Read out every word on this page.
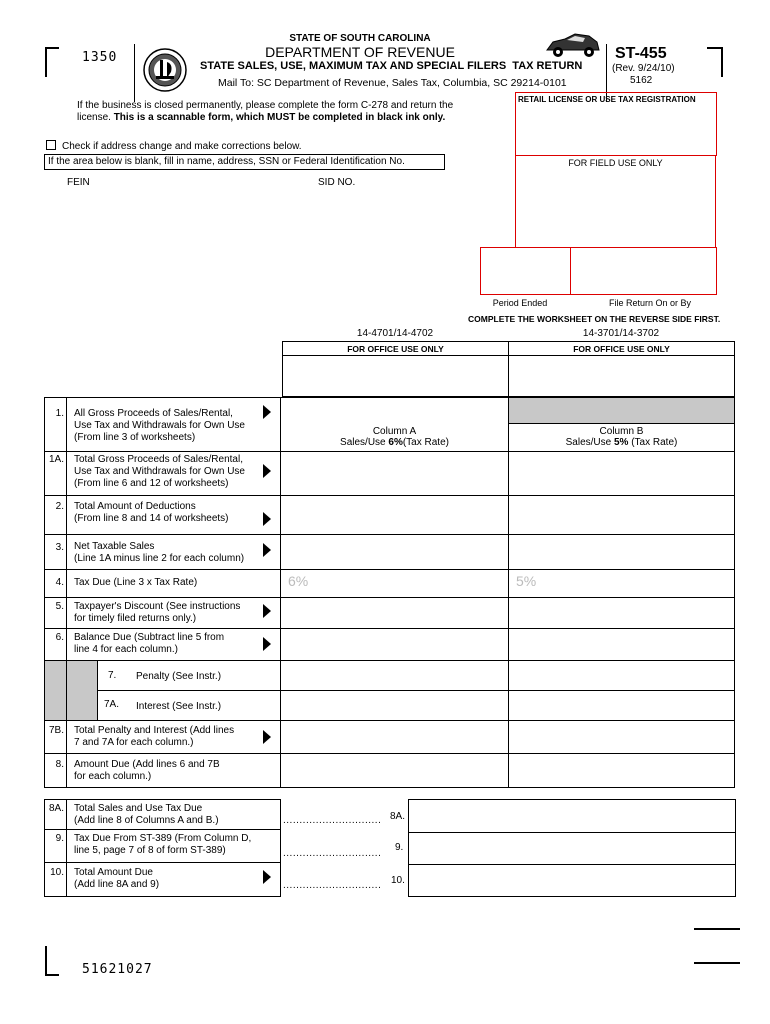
1350
STATE OF SOUTH CAROLINA
DEPARTMENT OF REVENUE
STATE SALES, USE, MAXIMUM TAX AND SPECIAL FILERS  TAX RETURN
Mail To: SC Department of Revenue, Sales Tax, Columbia, SC 29214-0101
ST-455
(Rev. 9/24/10)
5162
If the business is closed permanently, please complete the form C-278 and return the
license. This is a scannable form, which MUST be completed in black ink only.
Check if address change and make corrections below.
If the area below is blank, fill in name, address, SSN or Federal Identification No.
FEIN	SID NO.
RETAIL LICENSE OR USE TAX REGISTRATION
FOR FIELD USE ONLY
Period Ended	File Return On or By
COMPLETE THE WORKSHEET ON THE REVERSE SIDE FIRST.
14-4701/14-4702	14-3701/14-3702
FOR OFFICE USE ONLY	FOR OFFICE USE ONLY
Column A
Sales/Use 6%(Tax Rate)
Column B
Sales/Use 5% (Tax Rate)
1. All Gross Proceeds of Sales/Rental,
Use Tax and Withdrawals for Own Use
(From line 3 of worksheets)
1A. Total Gross Proceeds of Sales/Rental,
Use Tax and Withdrawals for Own Use
(From line 6 and 12 of worksheets)
2. Total Amount of Deductions
(From line 8 and 14 of worksheets)
3. Net Taxable Sales
(Line 1A minus line 2 for each column)
4. Tax Due (Line 3 x Tax Rate)	6%	5%
5. Taxpayer's Discount (See instructions
for timely filed returns only.)
6. Balance Due (Subtract line 5 from
line 4 for each column.)
7. Penalty (See Instr.)
7A. Interest (See Instr.)
7B. Total Penalty and Interest (Add lines
7 and 7A for each column.)
8. Amount Due (Add lines 6 and 7B
for each column.)
8A. Total Sales and Use Tax Due
(Add line 8 of Columns A and B.)	.............................. 8A.
9. Tax Due From ST-389 (From Column D,
line 5, page 7 of 8 of form ST-389)	..............................
9.
10. Total Amount Due
(Add line 8A and 9)	.............................. 10.
51621027
